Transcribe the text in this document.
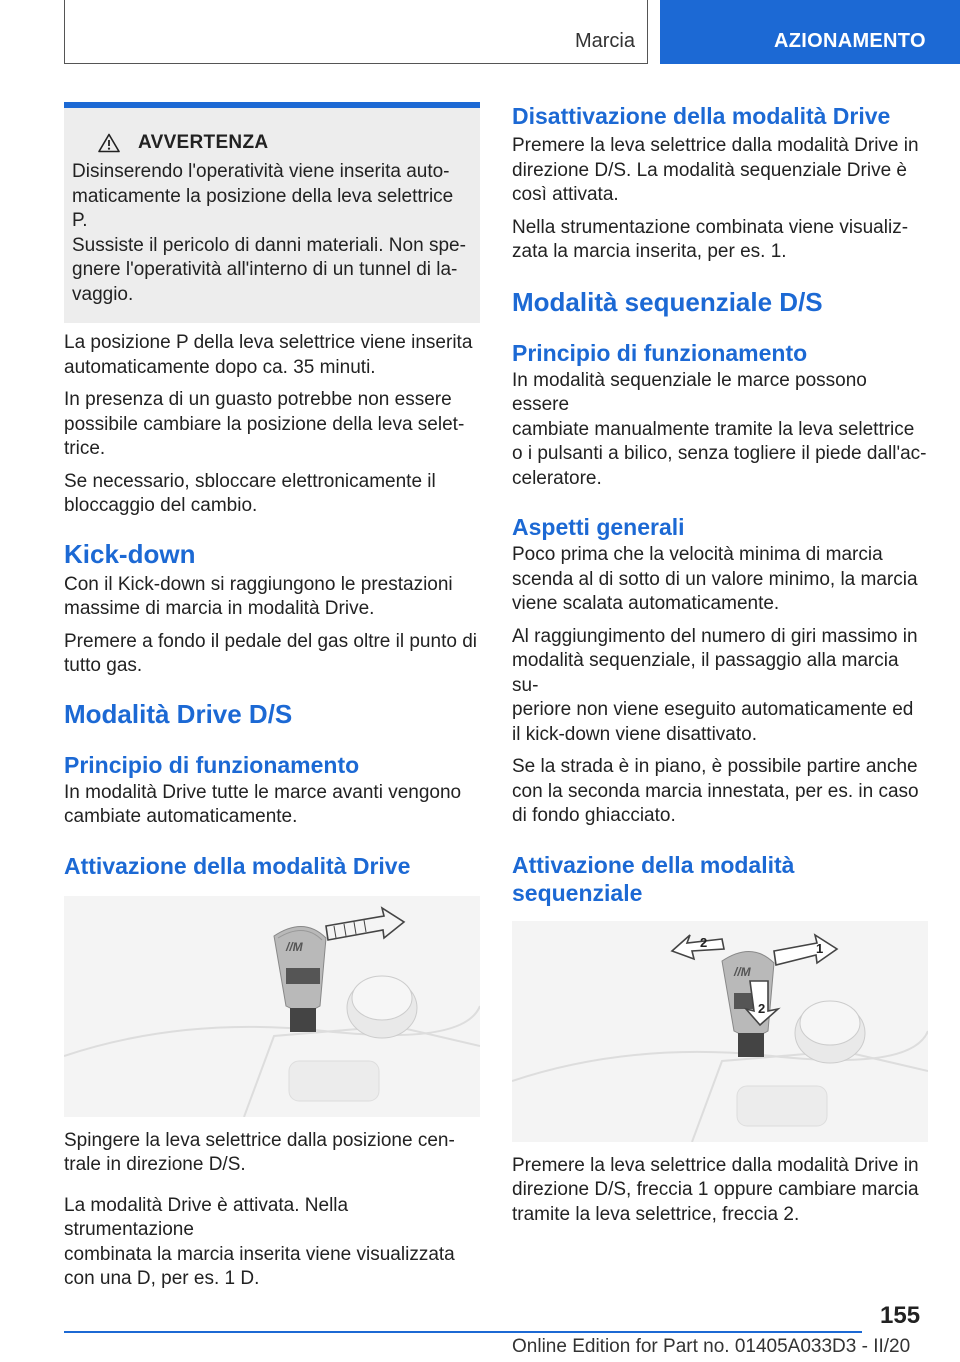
Marcia	AZIONAMENTO
AVVERTENZA

Disinserendo l'operatività viene inserita auto-
maticamente la posizione della leva selettrice P.
Sussiste il pericolo di danni materiali. Non spe-
gnere l'operatività all'interno di un tunnel di la-
vaggio.

La posizione P della leva selettrice viene inserita
automaticamente dopo ca. 35 minuti.

In presenza di un guasto potrebbe non essere
possibile cambiare la posizione della leva selet-
trice.

Se necessario, sbloccare elettronicamente il
bloccaggio del cambio.

Kick-down

Con il Kick-down si raggiungono le prestazioni
massime di marcia in modalità Drive.

Premere a fondo il pedale del gas oltre il punto di
tutto gas.

Modalità Drive D/S
Principio di funzionamento

In modalità Drive tutte le marce avanti vengono
cambiate automaticamente.

Attivazione della modalità Drive
//M

Spingere la leva selettrice dalla posizione cen-
trale in direzione D/S.

La modalità Drive è attivata. Nella strumentazione
combinata la marcia inserita viene visualizzata
con una D, per es. 1 D.

Disattivazione della modalità Drive

Premere la leva selettrice dalla modalità Drive in
direzione D/S. La modalità sequenziale Drive è
così attivata.

Nella strumentazione combinata viene visualiz-
zata la marcia inserita, per es. 1.

Modalità sequenziale D/S
Principio di funzionamento

In modalità sequenziale le marce possono essere
cambiate manualmente tramite la leva selettrice
o i pulsanti a bilico, senza togliere il piede dall'ac-
celeratore.

Aspetti generali

Poco prima che la velocità minima di marcia
scenda al di sotto di un valore minimo, la marcia
viene scalata automaticamente.

Al raggiungimento del numero di giri massimo in
modalità sequenziale, il passaggio alla marcia su-
periore non viene eseguito automaticamente ed
il kick-down viene disattivato.

Se la strada è in piano, è possibile partire anche
con la seconda marcia innestata, per es. in caso
di fondo ghiacciato.

Attivazione della modalità sequenziale
//M
1
2
2

Premere la leva selettrice dalla modalità Drive in
direzione D/S, freccia 1 oppure cambiare marcia
tramite la leva selettrice, freccia 2.

155
Online Edition for Part no. 01405A033D3 - II/20
